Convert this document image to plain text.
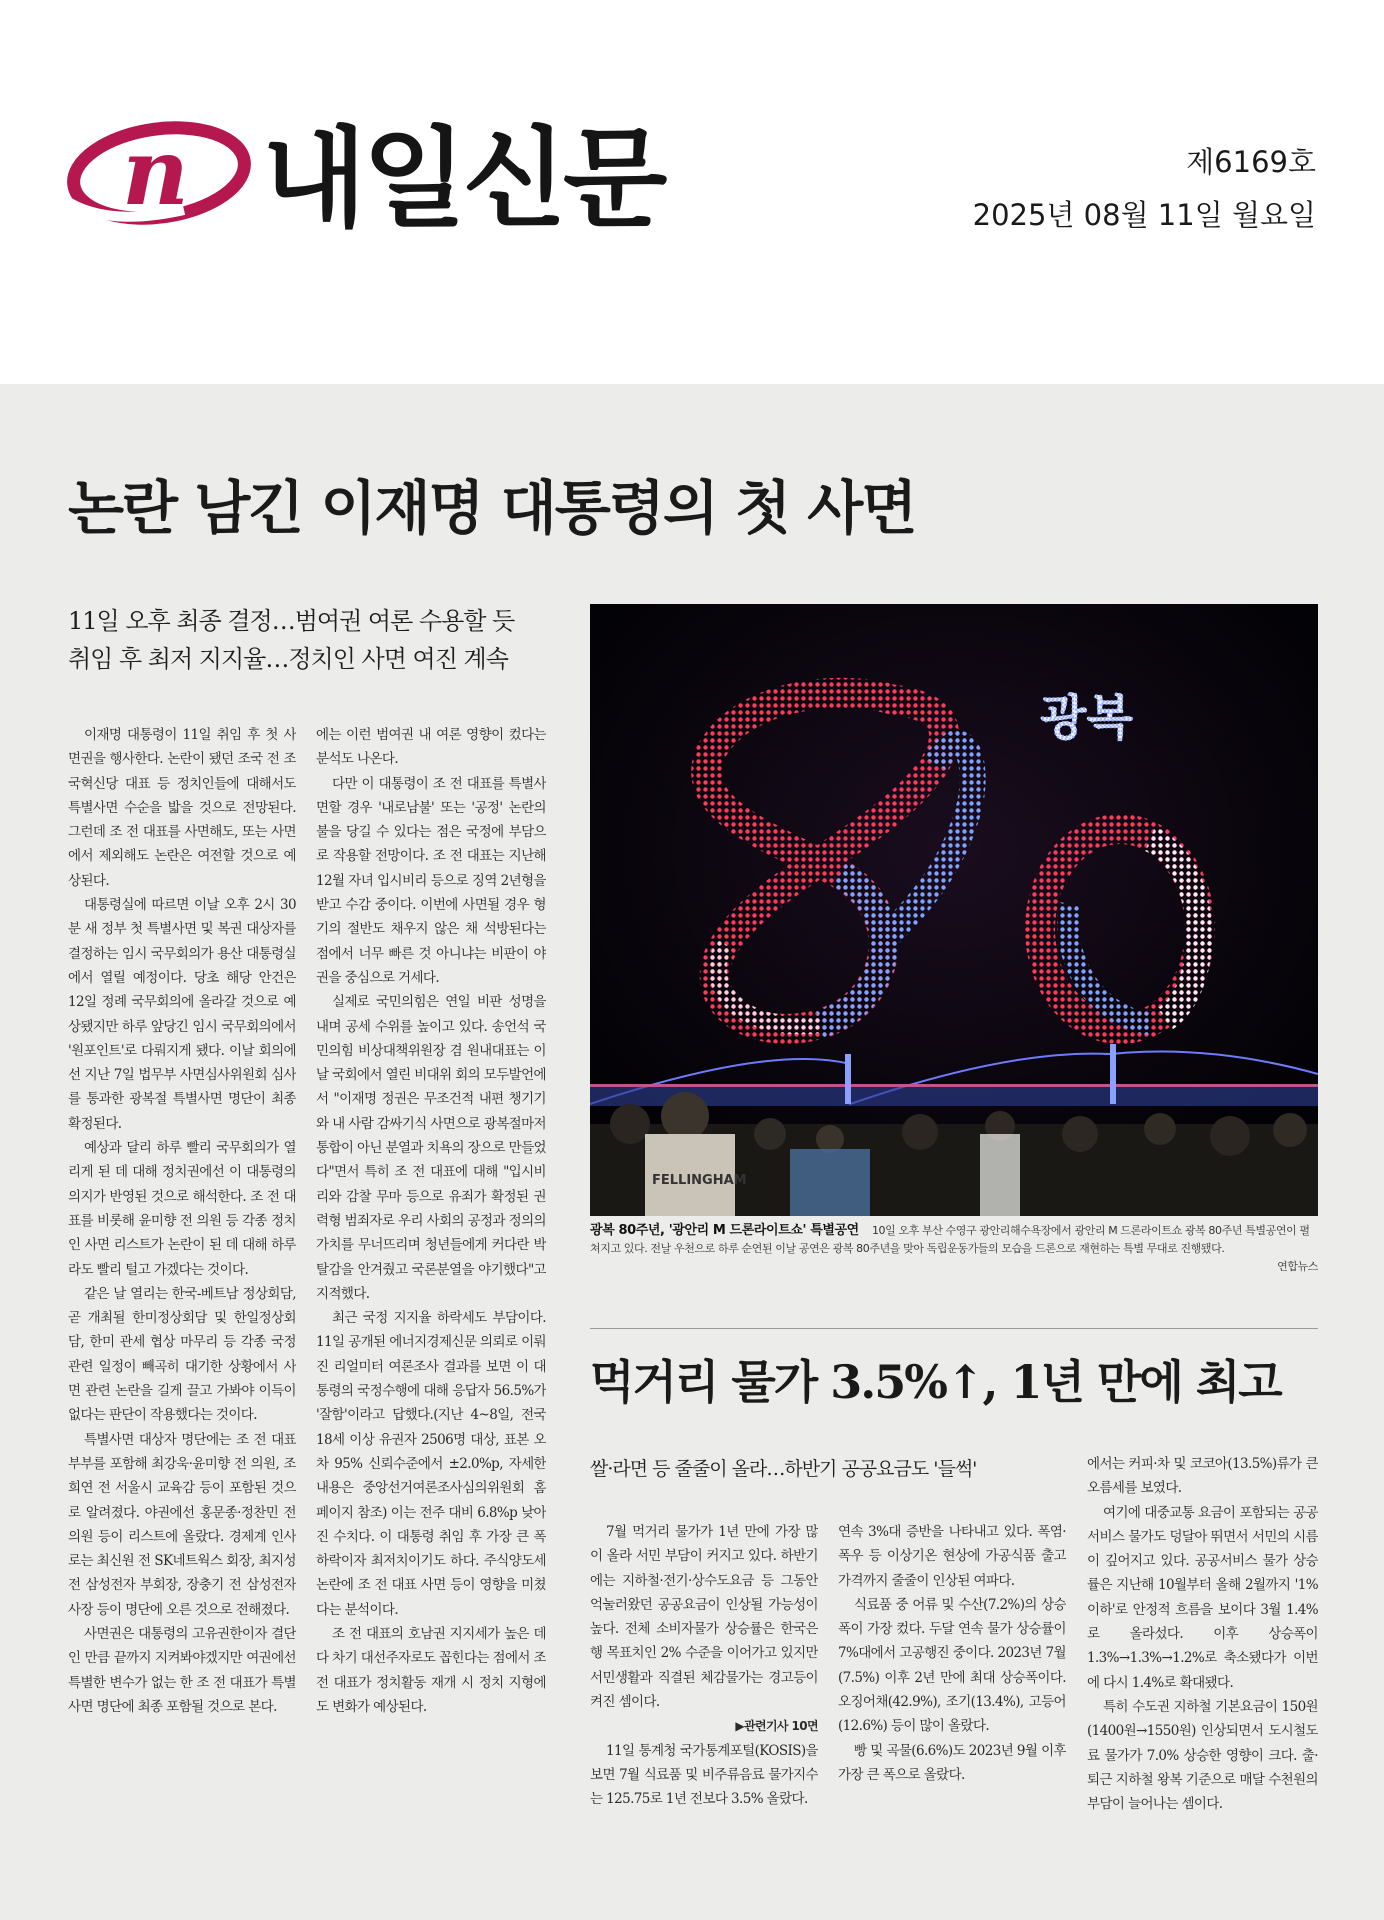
n 내일신문	제6169호
2025년 08월 11일 월요일
논란 남긴 이재명 대통령의 첫 사면
11일 오후 최종 결정…범여권 여론 수용할 듯
취임 후 최저 지지율…정치인 사면 여진 계속

이재명 대통령이 11일 취임 후 첫 사면권을 행사한다. 논란이 됐던 조국 전 조국혁신당 대표 등 정치인들에 대해서도 특별사면 수순을 밟을 것으로 전망된다. 그런데 조 전 대표를 사면해도, 또는 사면에서 제외해도 논란은 여전할 것으로 예상된다.

대통령실에 따르면 이날 오후 2시 30분 새 정부 첫 특별사면 및 복권 대상자를 결정하는 임시 국무회의가 용산 대통령실에서 열릴 예정이다. 당초 해당 안건은 12일 정례 국무회의에 올라갈 것으로 예상됐지만 하루 앞당긴 임시 국무회의에서 '원포인트'로 다뤄지게 됐다. 이날 회의에선 지난 7일 법무부 사면심사위원회 심사를 통과한 광복절 특별사면 명단이 최종 확정된다.

예상과 달리 하루 빨리 국무회의가 열리게 된 데 대해 정치권에선 이 대통령의 의지가 반영된 것으로 해석한다. 조 전 대표를 비롯해 윤미향 전 의원 등 각종 정치인 사면 리스트가 논란이 된 데 대해 하루라도 빨리 털고 가겠다는 것이다.

같은 날 열리는 한국-베트남 정상회담, 곧 개최될 한미정상회담 및 한일정상회담, 한미 관세 협상 마무리 등 각종 국정 관련 일정이 빼곡히 대기한 상황에서 사면 관련 논란을 길게 끌고 가봐야 이득이 없다는 판단이 작용했다는 것이다.

특별사면 대상자 명단에는 조 전 대표 부부를 포함해 최강욱·윤미향 전 의원, 조희연 전 서울시 교육감 등이 포함된 것으로 알려졌다. 야권에선 홍문종·정찬민 전 의원 등이 리스트에 올랐다. 경제계 인사로는 최신원 전 SK네트웍스 회장, 최지성 전 삼성전자 부회장, 장충기 전 삼성전자 사장 등이 명단에 오른 것으로 전해졌다.

사면권은 대통령의 고유권한이자 결단인 만큼 끝까지 지켜봐야겠지만 여권에선 특별한 변수가 없는 한 조 전 대표가 특별사면 명단에 최종 포함될 것으로 본다.

에는 이런 범여권 내 여론 영향이 컸다는 분석도 나온다.

다만 이 대통령이 조 전 대표를 특별사면할 경우 '내로남불' 또는 '공정' 논란의 불을 당길 수 있다는 점은 국정에 부담으로 작용할 전망이다. 조 전 대표는 지난해 12월 자녀 입시비리 등으로 징역 2년형을 받고 수감 중이다. 이번에 사면될 경우 형기의 절반도 채우지 않은 채 석방된다는 점에서 너무 빠른 것 아니냐는 비판이 야권을 중심으로 거세다.

실제로 국민의힘은 연일 비판 성명을 내며 공세 수위를 높이고 있다. 송언석 국민의힘 비상대책위원장 겸 원내대표는 이날 국회에서 열린 비대위 회의 모두발언에서 "이재명 정권은 무조건적 내편 챙기기와 내 사람 감싸기식 사면으로 광복절마저 통합이 아닌 분열과 치욕의 장으로 만들었다"면서 특히 조 전 대표에 대해 "입시비리와 감찰 무마 등으로 유죄가 확정된 권력형 범죄자로 우리 사회의 공정과 정의의 가치를 무너뜨리며 청년들에게 커다란 박탈감을 안겨줬고 국론분열을 야기했다"고 지적했다.

최근 국정 지지율 하락세도 부담이다. 11일 공개된 에너지경제신문 의뢰로 이뤄진 리얼미터 여론조사 결과를 보면 이 대통령의 국정수행에 대해 응답자 56.5%가 '잘함'이라고 답했다.(지난 4~8일, 전국 18세 이상 유권자 2506명 대상, 표본 오차 95% 신뢰수준에서 ±2.0%p, 자세한 내용은 중앙선거여론조사심의위원회 홈페이지 참조) 이는 전주 대비 6.8%p 낮아진 수치다. 이 대통령 취임 후 가장 큰 폭 하락이자 최저치이기도 하다. 주식양도세 논란에 조 전 대표 사면 등이 영향을 미쳤다는 분석이다.

조 전 대표의 호남권 지지세가 높은 데다 차기 대선주자로도 꼽힌다는 점에서 조 전 대표가 정치활동 재개 시 정치 지형에도 변화가 예상된다.

광복
FELLINGHAM
광복 80주년, '광안리 M 드론라이트쇼' 특별공연 10일 오후 부산 수영구 광안리해수욕장에서 광안리 M 드론라이트쇼 광복 80주년 특별공연이 펼쳐지고 있다. 전날 우천으로 하루 순연된 이날 공연은 광복 80주년을 맞아 독립운동가들의 모습을 드론으로 재현하는 특별 무대로 진행됐다.
연합뉴스
먹거리 물가 3.5%↑, 1년 만에 최고
쌀·라면 등 줄줄이 올라…하반기 공공요금도 '들썩'

7월 먹거리 물가가 1년 만에 가장 많이 올라 서민 부담이 커지고 있다. 하반기에는 지하철·전기·상수도요금 등 그동안 억눌러왔던 공공요금이 인상될 가능성이 높다. 전체 소비자물가 상승률은 한국은행 목표치인 2% 수준을 이어가고 있지만 서민생활과 직결된 체감물가는 경고등이 켜진 셈이다.

▶관련기사 10면

11일 통계청 국가통계포털(KOSIS)을 보면 7월 식료품 및 비주류음료 물가지수는 125.75로 1년 전보다 3.5% 올랐다.

연속 3%대 증반을 나타내고 있다. 폭염·폭우 등 이상기온 현상에 가공식품 출고가격까지 줄줄이 인상된 여파다.

식료품 중 어류 및 수산(7.2%)의 상승폭이 가장 컸다. 두달 연속 물가 상승률이 7%대에서 고공행진 중이다. 2023년 7월(7.5%) 이후 2년 만에 최대 상승폭이다. 오징어채(42.9%), 조기(13.4%), 고등어(12.6%) 등이 많이 올랐다.

빵 및 곡물(6.6%)도 2023년 9월 이후 가장 큰 폭으로 올랐다.

에서는 커피·차 및 코코아(13.5%)류가 큰 오름세를 보였다.

여기에 대중교통 요금이 포함되는 공공서비스 물가도 덩달아 뛰면서 서민의 시름이 깊어지고 있다. 공공서비스 물가 상승률은 지난해 10월부터 올해 2월까지 '1% 이하'로 안정적 흐름을 보이다 3월 1.4%로 올라섰다. 이후 상승폭이 1.3%→1.3%→1.2%로 축소됐다가 이번에 다시 1.4%로 확대됐다.

특히 수도권 지하철 기본요금이 150원(1400원→1550원) 인상되면서 도시철도료 물가가 7.0% 상승한 영향이 크다. 출·퇴근 지하철 왕복 기준으로 매달 수천원의 부담이 늘어나는 셈이다.
